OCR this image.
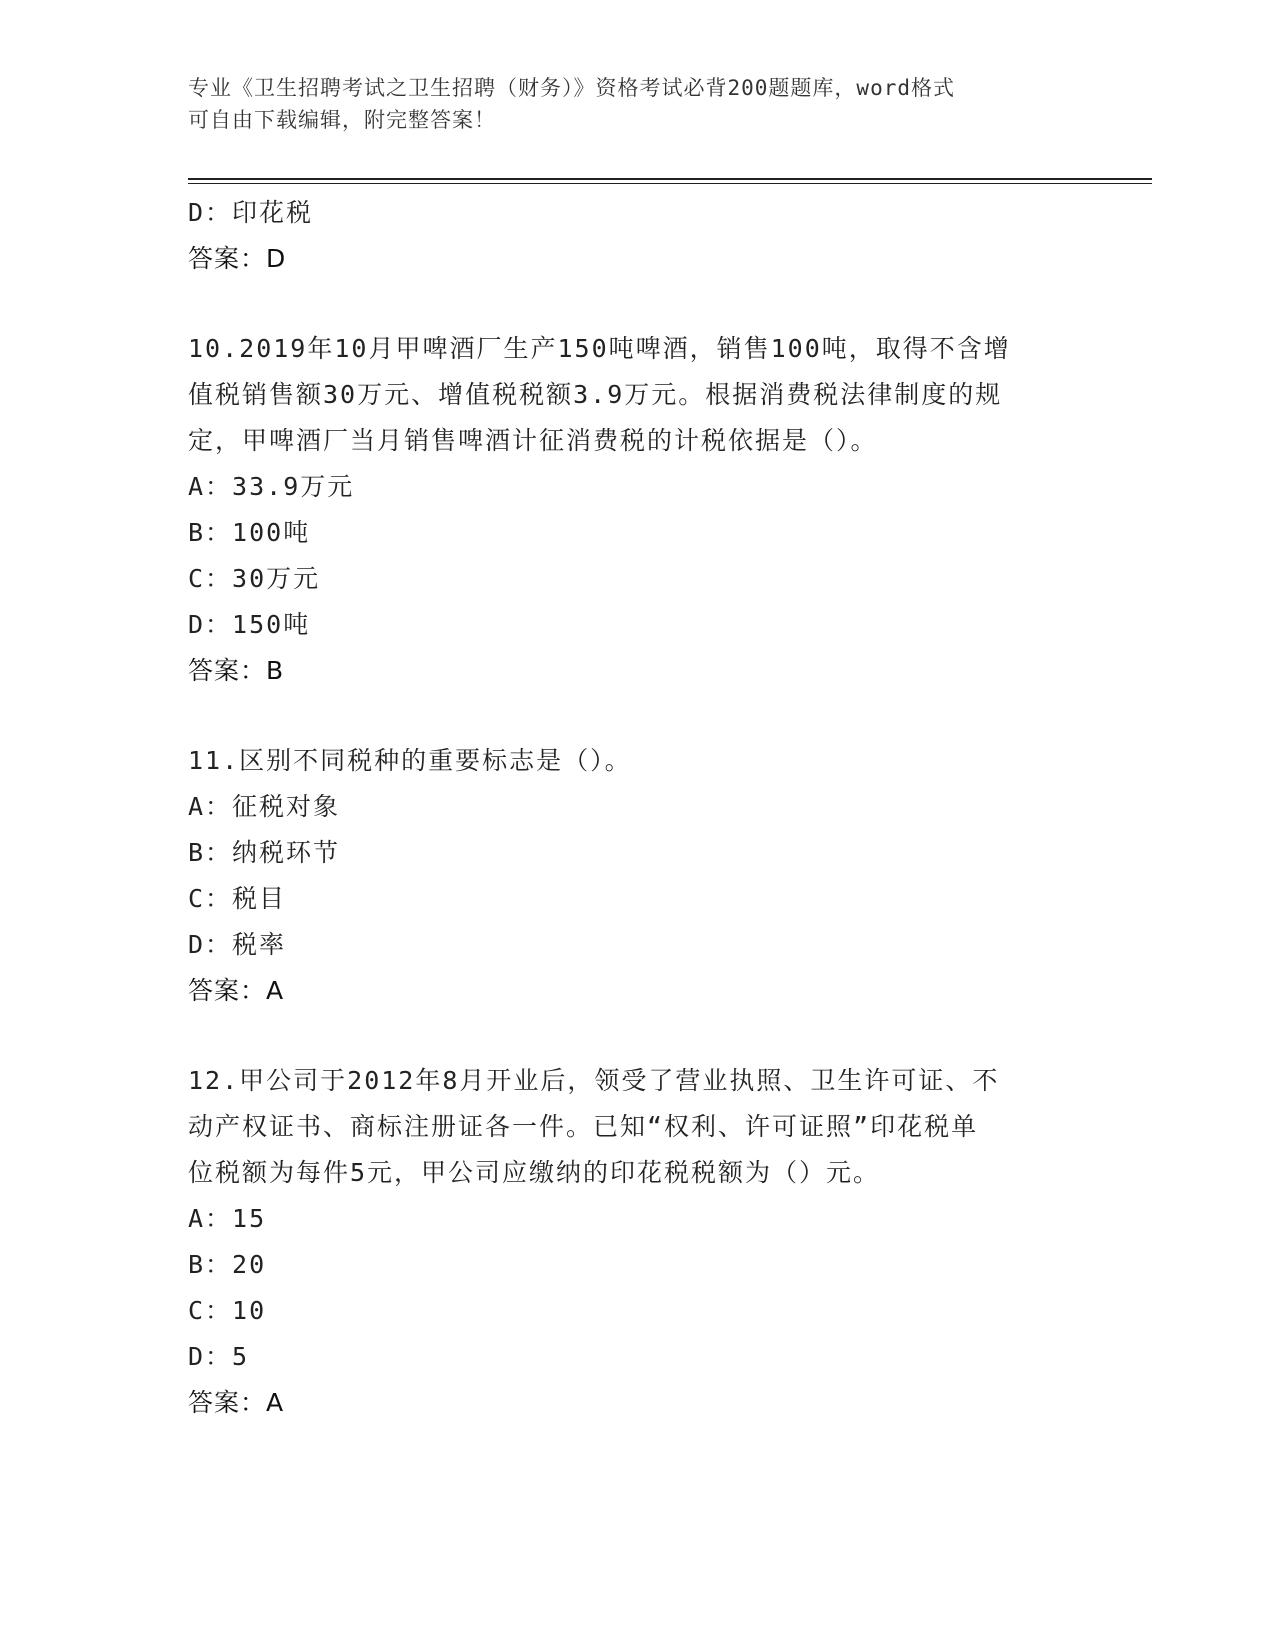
专业《卫生招聘考试之卫生招聘（财务）》资格考试必背200题题库，word格式
可自由下载编辑，附完整答案！
D：印花税
答案：D
10.2019年10月甲啤酒厂生产150吨啤酒，销售100吨，取得不含增
值税销售额30万元、增值税税额3.9万元。根据消费税法律制度的规
定，甲啤酒厂当月销售啤酒计征消费税的计税依据是（）。
A：33.9万元
B：100吨
C：30万元
D：150吨
答案：B
11.区别不同税种的重要标志是（）。
A：征税对象
B：纳税环节
C：税目
D：税率
答案：A
12.甲公司于2012年8月开业后，领受了营业执照、卫生许可证、不
动产权证书、商标注册证各一件。已知“权利、许可证照”印花税单
位税额为每件5元，甲公司应缴纳的印花税税额为（）元。
A：15
B：20
C：10
D：5
答案：A
